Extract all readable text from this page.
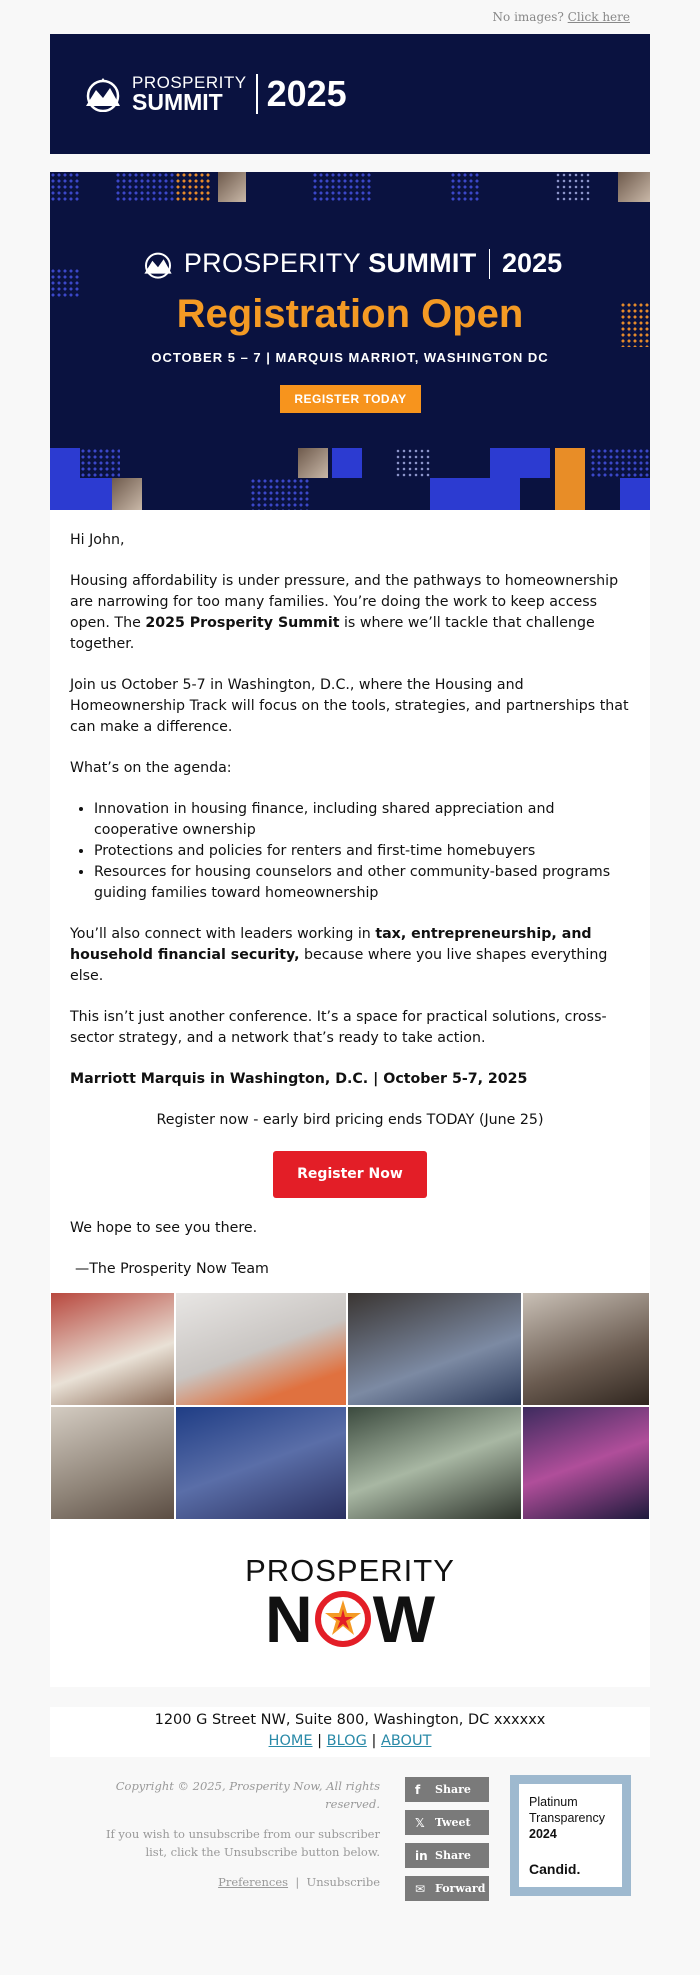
No images? Click here
PROSPERITY
SUMMIT	2025
PROSPERITY SUMMIT 2025
Registration Open
OCTOBER 5 – 7 | MARQUIS MARRIOT, WASHINGTON DC
REGISTER TODAY

Hi John,

Housing affordability is under pressure, and the pathways to homeownership are narrowing for too many families. You’re doing the work to keep access open. The 2025 Prosperity Summit is where we’ll tackle that challenge together.

Join us October 5-7 in Washington, D.C., where the Housing and Homeownership Track will focus on the tools, strategies, and partnerships that can make a difference.

What’s on the agenda:

• Innovation in housing finance, including shared appreciation and cooperative ownership
• Protections and policies for renters and first-time homebuyers
• Resources for housing counselors and other community-based programs guiding families toward homeownership

You’ll also connect with leaders working in tax, entrepreneurship, and household financial security, because where you live shapes everything else.

This isn’t just another conference. It’s a space for practical solutions, cross-sector strategy, and a network that’s ready to take action.

Marriott Marquis in Washington, D.C. | October 5-7, 2025

Register now - early bird pricing ends TODAY (June 25)

Register Now

We hope to see you there.

—The Prosperity Now Team
PROSPERITY
N W
1200 G Street NW, Suite 800, Washington, DC xxxxxx
HOME | BLOG | ABOUT
Copyright © 2025, Prosperity Now, All rights reserved.
If you wish to unsubscribe from our subscriber list, click the Unsubscribe button below.
Preferences | Unsubscribe
f	Share
𝕏 Tweet
in Share
✉ Forward
Platinum
Transparency
2024
Candid.
